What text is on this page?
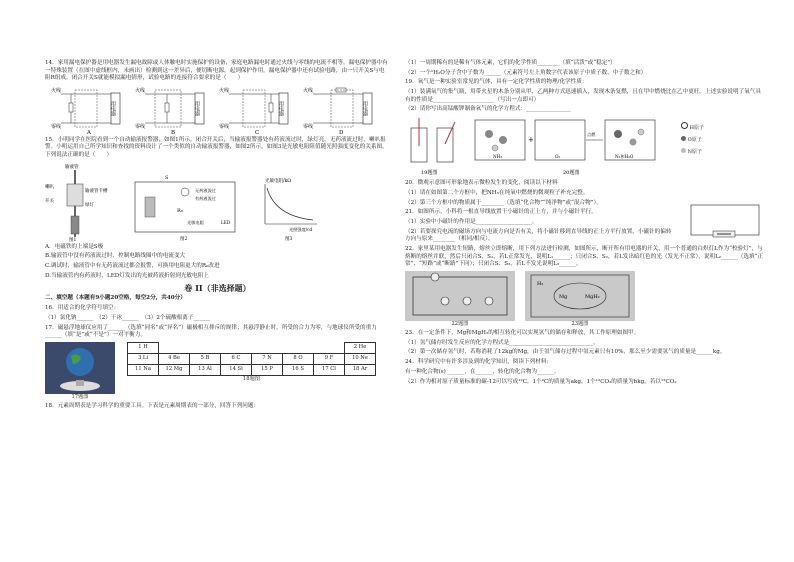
14．家用漏电保护器是用电器发生漏电故障或人体触电时实施保护的设备，家庭电路漏电时通过火线与零线的电流不相等。漏电保护器中有一特殊装置（在图中虚线框内，未画出）检测到这一差异后，便切断电源，起到保护作用。漏电保护器中还有试验电路，由一只开关S与电阻R组成，闭合开关S就能模拟漏电情形，试验电路的连接符合要求的是（　　）

火线
零线
用电器
A
火线
零线
用电器
B
火线
零线
用电器
C
火线
零线
用电器
D

15．小明同学在医院看到一个自动输液报警器，如图1所示。闭合开关后，当输液报警器处有药液流过时，绿灯亮，无药液流过时，喇叭报警。小明运用自己所学知识和查找的资料设计了一个类似的自动输液报警器，如图2所示。如图3是光敏电阻阻值随光照强度变化的关系图，下列说法正确的是（　　）

输液管
喇叭
开关
输液管卡槽
绿灯
图1
S
R₀
无药液流过
有药液流过
光敏电阻	LED
图2
光敏电阻/kΩ
光照强度/cd
图3

A．电磁铁的上端是S极

B.输液管中没有药液流过时，控制电路线圈中的电流变大

C.调试时，输液管中有无药液流过都会报警，可换用电阻更大的R₀改进

D.当输液管内有药液时，LED灯发出的光被药液折射到光敏电阻上

卷 II（非选择题）

二、填空题（本题有9小题20空格，每空2分，共40分）

16．用适合的化学符号填空：

（1）氯化钠______　（2）干冰______　（3）2个硫酸根离子______

17．磁悬浮地球仪应用了______（选填“同名”或“异名”）磁极相互排斥的规律；其悬浮静止时，所受的合力为零，与地球仪所受的重力______（填“是”或“不是”）一对平衡力。

17题图
1 H							2 He
3 Li	4 Be	5 B	6 C	7 N	8 O	9 F	10 Ne
11 Na	12 Mg	13 Al	14 Si	15 P	16 S	17 Cl	18 Ar
18题图

18．元素周期表是学习科学的重要工具。下表是元素周期表的一部分，回答下列问题：

（1）一周期稀有的是稀有气体元素，它们的化学性质________（填“活泼”或“稳定”）

（2）一个¹H₂O分子含中子数为______（元素符号左上角数字代表该原子中质子数、中子数之和）

19．氧气是一种实验室常见的气体，具有一定化学性质的物理/化学性质：

（1）装满氧气的集气瓶，用带火星的木条分别从甲、乙两种方式迅速插入，发现木条复燃，且在甲中燃烧比在乙中更旺。上述实验说明了氧气具有的性质是______________________（写出一点即可）

（2）请你写出高锰酸钾制备氧气的化学方程式：________________

19题图
NH₃
+
O₂
点燃
N₂和H₂O
20题图
H原子
O原子
N原子

20．微观示意图可形象地表示微粒发生的变化，阅读以下材料

（1）请在如图第二个方框中，把NH₃在纯氧中燃烧的微观粒子补充完整。

（2）第三个方框中的物质属于________（选填“化合物”“纯净物”或“混合物”）。

21．如图所示，小科将一根直导线放置于小磁针的正上方，并与小磁针平行。

（1）实验中小磁针的作用是____________________。

（2）若要探究电流的磁场方向与电流方向是否有关，将小磁针移到直导线的正上方平行放置，小磁针的偏转方向与原来________（相同/相反）。

22．家里某用电器发生短路，熔丝立即熔断，用下列方法进行检测，如图所示，断开所有用电器的开关，用一个普通的白炽灯L作为“校验灯”，与熔断的熔丝并联，然后只闭合S、S₁，若L正常发光，说明L₁______；只闭合S、S₂，若L发出暗红色的光（发光不正常），说明L₂______（选填“正常”、“短路”或“断路”下同）；只闭合S、S₃，若L不发光说明L₃______。

22题图
Mg	MgH₂
H₂
23题图

23．在一定条件下，Mg和MgH₂的相互转化可以实现氢气的储存和释放，其工作原理如图甲。

（1）氢气储存时发生反应的化学方程式是______________________________。

（2）第一次储存氢气时，若称消耗了12kg的Mg，由于氢气储存过程中氢元素只有10%，那么至少需要氢气的质量是______kg。

24．科学研究中有许多涉及到的化学知识，阅读下列材料：

有一种化合物(s) ______，在______，转化的化合物为______。

（2）作为相对原子质量标准的碳-12可以写成¹²C，1个²C的质量为akg，1个¹²CO₂的质量为bkg，若以¹²CO₂
